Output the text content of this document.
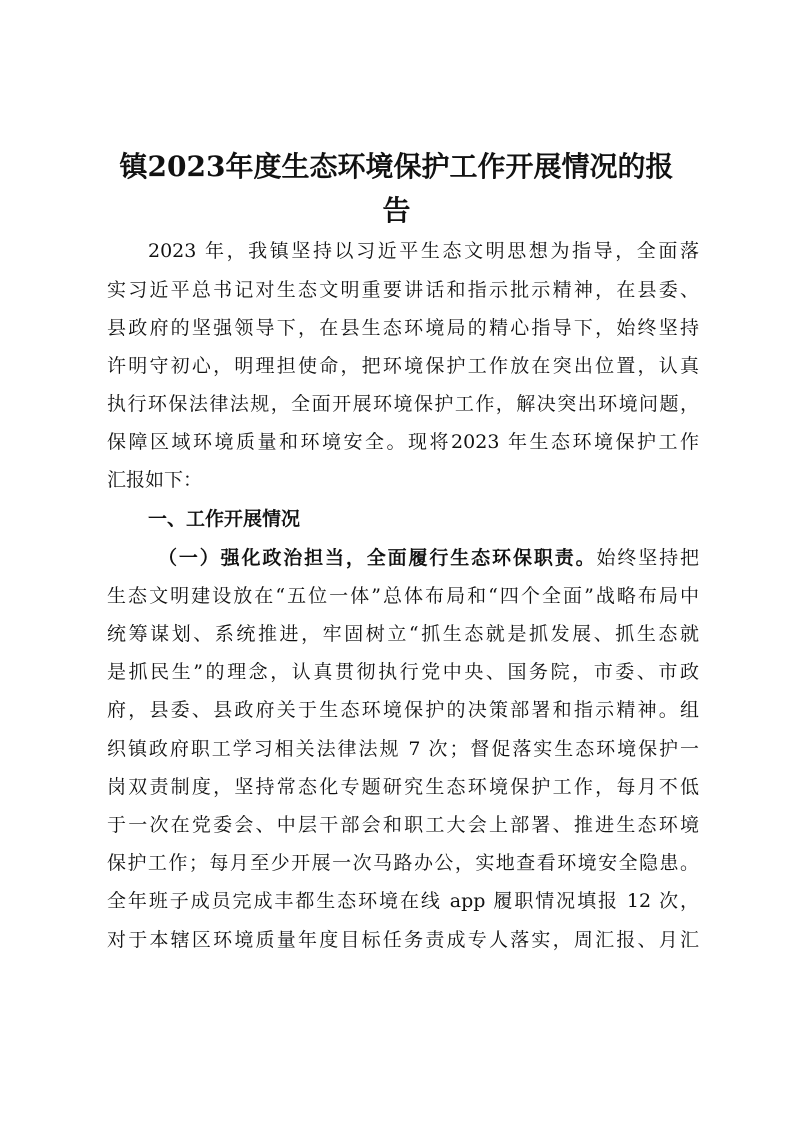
镇2023年度生态环境保护工作开展情况的报
告
2023 年，我镇坚持以习近平生态文明思想为指导，全面落
实习近平总书记对生态文明重要讲话和指示批示精神，在县委、
县政府的坚强领导下，在县生态环境局的精心指导下，始终坚持
许明守初心，明理担使命，把环境保护工作放在突出位置，认真
执行环保法律法规，全面开展环境保护工作，解决突出环境问题，
保障区域环境质量和环境安全。现将2023 年生态环境保护工作
汇报如下：
一、工作开展情况
（一）强化政治担当，全面履行生态环保职责。始终坚持把
生态文明建设放在“五位一体”总体布局和“四个全面”战略布局中
统筹谋划、系统推进，牢固树立“抓生态就是抓发展、抓生态就
是抓民生”的理念，认真贯彻执行党中央、国务院，市委、市政
府，县委、县政府关于生态环境保护的决策部署和指示精神。组
织镇政府职工学习相关法律法规 7 次；督促落实生态环境保护一
岗双责制度，坚持常态化专题研究生态环境保护工作，每月不低
于一次在党委会、中层干部会和职工大会上部署、推进生态环境
保护工作；每月至少开展一次马路办公，实地查看环境安全隐患。
全年班子成员完成丰都生态环境在线 app 履职情况填报 12 次，
对于本辖区环境质量年度目标任务责成专人落实，周汇报、月汇
